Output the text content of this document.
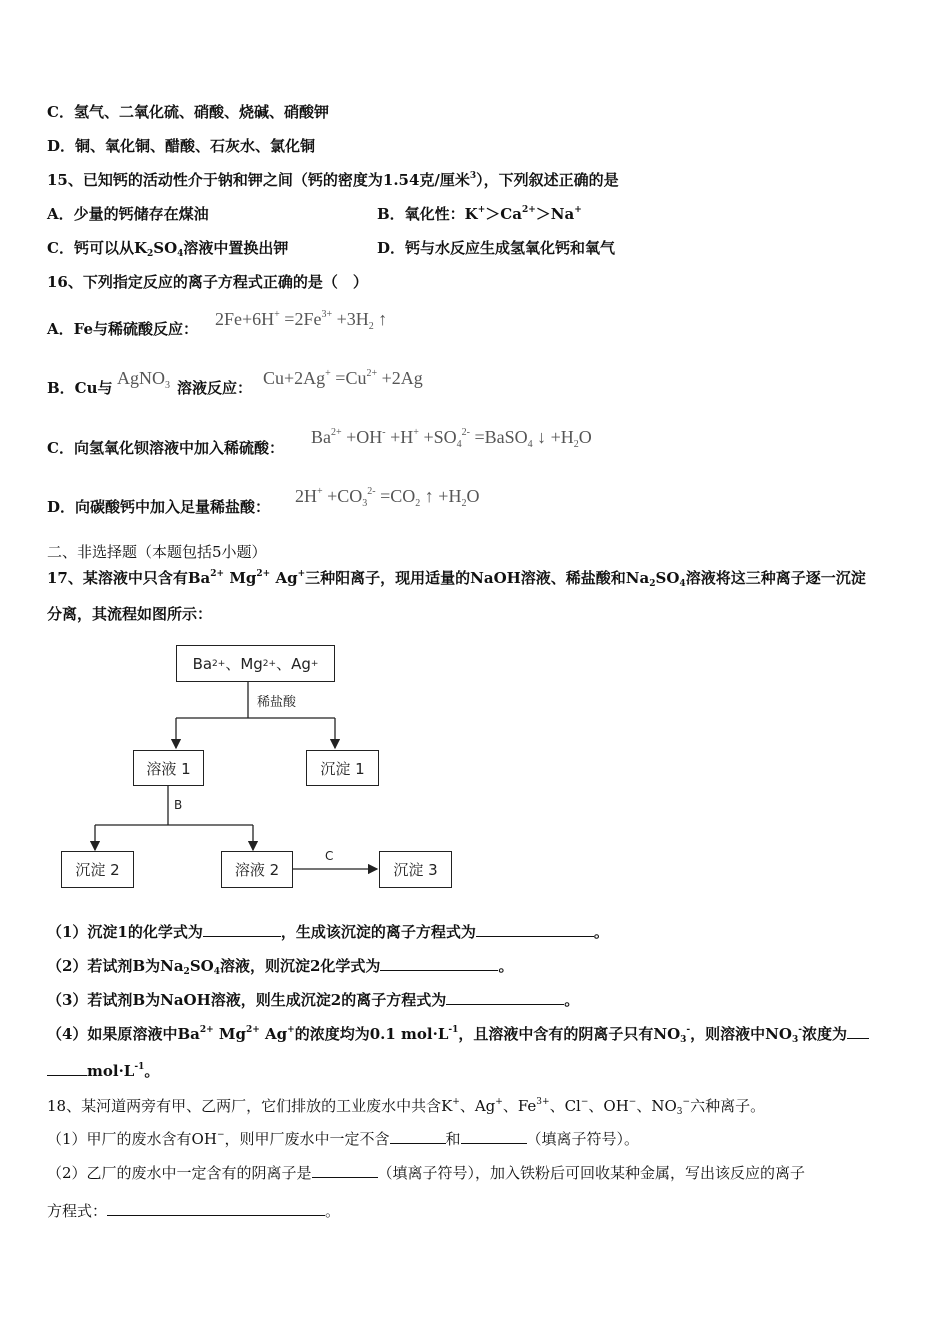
C．氢气、二氧化硫、硝酸、烧碱、硝酸钾
D．铜、氧化铜、醋酸、石灰水、氯化铜
15、已知钙的活动性介于钠和钾之间（钙的密度为1.54克/厘米$^3$），下列叙述正确的是
A．少量的钙储存在煤油	B．氧化性：$K^+>Ca^{2+}>Na^+$
C．钙可以从$K_2SO_4$溶液中置换出钾	D．钙与水反应生成氢氧化钙和氧气
16、下列指定反应的离子方程式正确的是（　）
A．Fe与稀硫酸反应： $2Fe+6H^+ =2Fe^{3+} +3H_2$ ↑
B．Cu与 AgNO$_3$ 溶液反应： $Cu+2Ag^+ =Cu^{2+} +2Ag$
C．向氢氧化钡溶液中加入稀硫酸：
$Ba^{2+} +OH^- +H^+ +SO_4^{2-}$ =BaSO$_4$ ↓ $+H_2O$
D．向碳酸钙中加入足量稀盐酸：
$2H^+ +CO_3^{2-} =CO_2$ ↑ $+H_2O$
二、非选择题（本题包括5小题）
17、某溶液中只含有$Ba^{2+}$ $Mg^{2+}$ Ag+三种阳离子，现用适量的NaOH溶液、稀盐酸和$Na_2SO_4$溶液将这三种离子逐一沉淀
分离，其流程如图所示：
Ba 2+ 、Mg 2+ 、Ag +
稀盐酸
溶液 1	沉淀 1
B
沉淀 2	溶液 2
C
沉淀 3
（1）沉淀1的化学式为	，生成该沉淀的离子方程式为	。
（2）若试剂B为$Na_2SO_4$溶液，则沉淀2化学式为	。
（3）若试剂B为NaOH溶液，则生成沉淀2的离子方程式为	。
（4）如果原溶液中$Ba^{2+}$ $Mg^{2+}$ Ag+的浓度均为0.1 $mol\cdot L^{-1}$，且溶液中含有的阴离子只有$NO_3^-$，则溶液中$NO_3^-$浓度为
$mol\cdot L^{-1}$。
18、某河道两旁有甲、乙两厂，它们排放的工业废水中共含K+、Ag+、$Fe^{3+}$、Cl−、OH−、$NO_3^-$六种离子。
（1）甲厂的废水含有OH−，则甲厂废水中一定不含	和	（填离子符号）。
（2）乙厂的废水中一定含有的阴离子是	（填离子符号），加入铁粉后可回收某种金属，写出该反应的离子
方程式：	。
